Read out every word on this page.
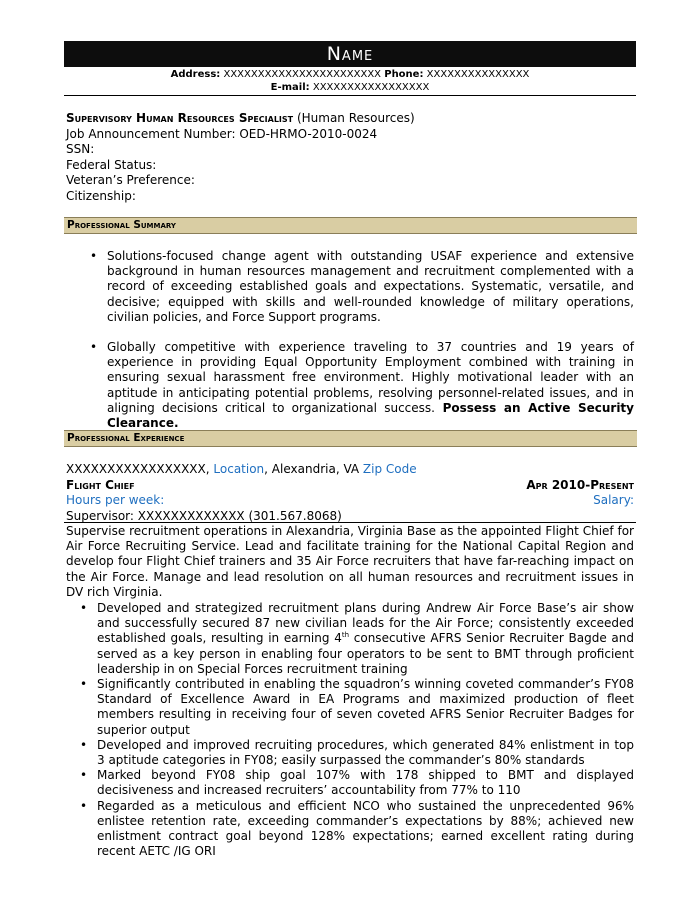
Name
Address: XXXXXXXXXXXXXXXXXXXXXXX Phone: XXXXXXXXXXXXXXX
E-mail: XXXXXXXXXXXXXXXXX
Supervisory Human Resources Specialist (Human Resources)
Job Announcement Number: OED-HRMO-2010-0024
SSN:
Federal Status:
Veteran’s Preference:
Citizenship:
Professional Summary
• Solutions-focused change agent with outstanding USAF experience and extensive background in human resources management and recruitment complemented with a record of exceeding established goals and expectations. Systematic, versatile, and decisive; equipped with skills and well-rounded knowledge of military operations, civilian policies, and Force Support programs.
• Globally competitive with experience traveling to 37 countries and 19 years of experience in providing Equal Opportunity Employment combined with training in ensuring sexual harassment free environment. Highly motivational leader with an aptitude in anticipating potential problems, resolving personnel-related issues, and in aligning decisions critical to organizational success. Possess an Active Security Clearance.
Professional Experience
XXXXXXXXXXXXXXXXX, Location, Alexandria, VA Zip Code
Flight Chief	Apr 2010-Present
Hours per week:	Salary:
Supervisor: XXXXXXXXXXXXX (301.567.8068)
Supervise recruitment operations in Alexandria, Virginia Base as the appointed Flight Chief for Air Force Recruiting Service. Lead and facilitate training for the National Capital Region and develop four Flight Chief trainers and 35 Air Force recruiters that have far-reaching impact on the Air Force. Manage and lead resolution on all human resources and recruitment issues in DV rich Virginia.
• Developed and strategized recruitment plans during Andrew Air Force Base’s air show and successfully secured 87 new civilian leads for the Air Force; consistently exceeded established goals, resulting in earning 4th consecutive AFRS Senior Recruiter Bagde and served as a key person in enabling four operators to be sent to BMT through proficient leadership in on Special Forces recruitment training
• Significantly contributed in enabling the squadron’s winning coveted commander’s FY08 Standard of Excellence Award in EA Programs and maximized production of fleet members resulting in receiving four of seven coveted AFRS Senior Recruiter Badges for superior output
• Developed and improved recruiting procedures, which generated 84% enlistment in top 3 aptitude categories in FY08; easily surpassed the commander’s 80% standards
• Marked beyond FY08 ship goal 107% with 178 shipped to BMT and displayed decisiveness and increased recruiters’ accountability from 77% to 110
• Regarded as a meticulous and efficient NCO who sustained the unprecedented 96% enlistee retention rate, exceeding commander’s expectations by 88%; achieved new enlistment contract goal beyond 128% expectations; earned excellent rating during recent AETC /IG ORI
